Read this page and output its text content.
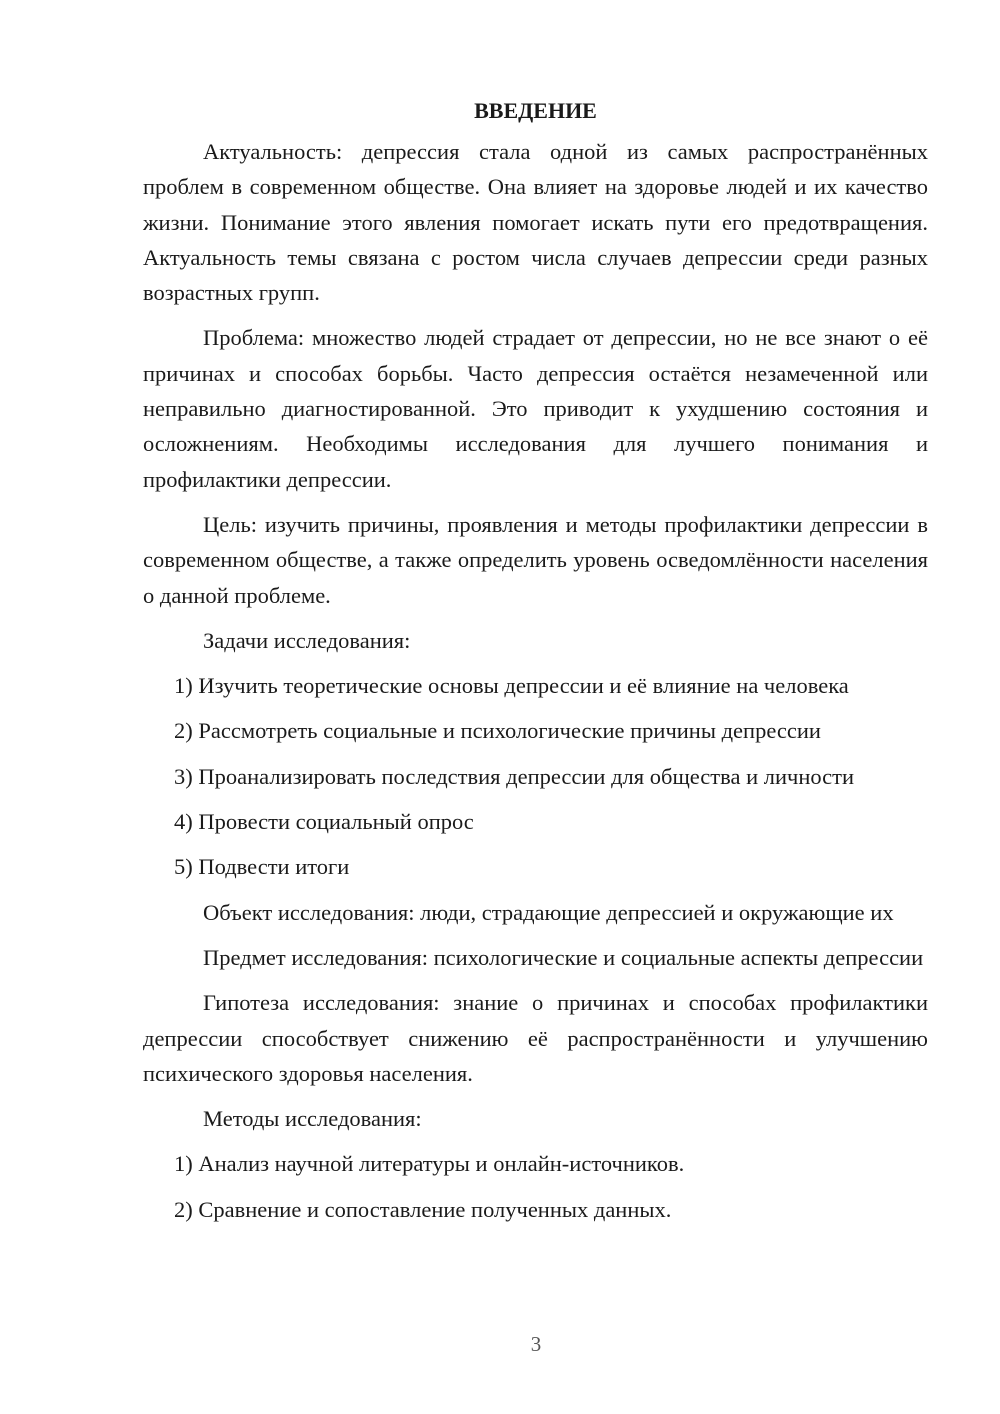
ВВЕДЕНИЕ

Актуальность: депрессия стала одной из самых распространённых проблем в современном обществе. Она влияет на здоровье людей и их качество жизни. Понимание этого явления помогает искать пути его предотвращения. Актуальность темы связана с ростом числа случаев депрессии среди разных возрастных групп.

Проблема: множество людей страдает от депрессии, но не все знают о её причинах и способах борьбы. Часто депрессия остаётся незамеченной или неправильно диагностированной. Это приводит к ухудшению состояния и осложнениям. Необходимы исследования для лучшего понимания и профилактики депрессии.

Цель: изучить причины, проявления и методы профилактики депрессии в современном обществе, а также определить уровень осведомлённости населения о данной проблеме.

Задачи исследования:

1) Изучить теоретические основы депрессии и её влияние на человека

2) Рассмотреть социальные и психологические причины депрессии

3) Проанализировать последствия депрессии для общества и личности

4) Провести социальный опрос

5) Подвести итоги

Объект исследования: люди, страдающие депрессией и окружающие их

Предмет исследования: психологические и социальные аспекты депрессии

Гипотеза исследования: знание о причинах и способах профилактики депрессии способствует снижению её распространённости и улучшению психического здоровья населения.

Методы исследования:

1) Анализ научной литературы и онлайн-источников.

2) Сравнение и сопоставление полученных данных.

3
